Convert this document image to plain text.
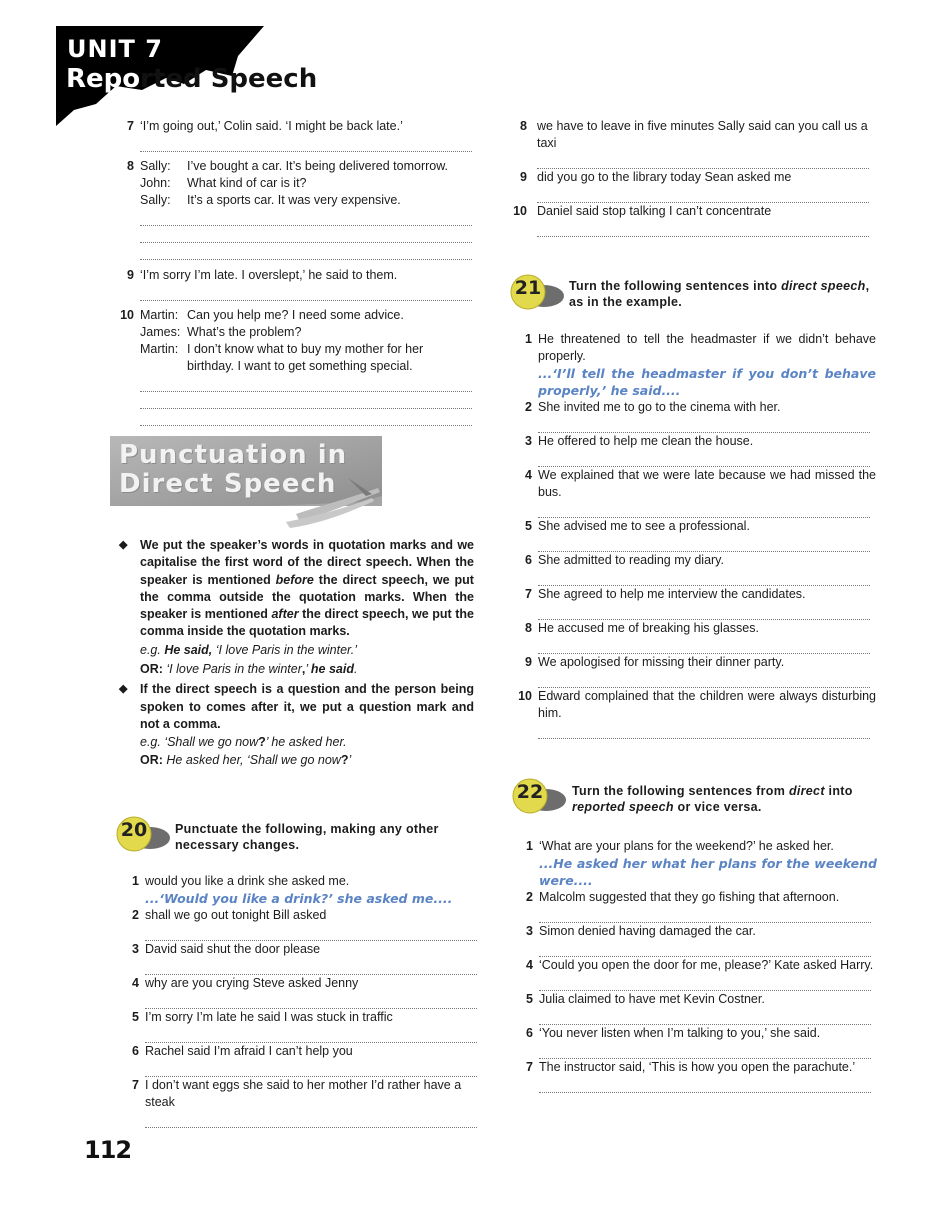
UNIT 7
Reported Speech
7 ‘I’m going out,’ Colin said. ‘I might be back late.’
8 Sally:	I’ve bought a car. It’s being delivered tomorrow.
John:	What kind of car is it?
Sally:	It’s a sports car. It was very expensive.
9 ‘I’m sorry I’m late. I overslept,’ he said to them.
10 Martin: Can you help me? I need some advice.
James: What’s the problem?
Martin: I don’t know what to buy my mother for her
birthday. I want to get something special.
Punctuation in
Direct Speech
◆ We put the speaker’s words in quotation marks and we capitalise the first word of the direct speech. When the speaker is mentioned before the direct speech, we put the comma outside the quotation marks. When the speaker is mentioned after the direct speech, we put the comma inside the quotation marks.
e.g. He said, ‘I love Paris in the winter.’
OR: ‘I love Paris in the winter,’ he said.
◆ If the direct speech is a question and the person being spoken to comes after it, we put a question mark and not a comma.
e.g. ‘Shall we go now?’ he asked her.
OR: He asked her, ‘Shall we go now?’
20	Punctuate the following, making any other necessary changes.
1 would you like a drink she asked me.
...‘Would you like a drink?’ she asked me....
2 shall we go out tonight Bill asked
3 David said shut the door please
4 why are you crying Steve asked Jenny
5 I’m sorry I’m late he said I was stuck in traffic
6 Rachel said I’m afraid I can’t help you
7 I don’t want eggs she said to her mother I’d rather have a steak
8 we have to leave in five minutes Sally said can you call us a taxi
9 did you go to the library today Sean asked me
10 Daniel said stop talking I can’t concentrate
21	Turn the following sentences into direct speech, as in the example.
1 He threatened to tell the headmaster if we didn’t behave properly.
...‘I’ll tell the headmaster if you don’t behave properly,’ he said....
2 She invited me to go to the cinema with her.
3 He offered to help me clean the house.
4 We explained that we were late because we had missed the bus.
5 She advised me to see a professional.
6 She admitted to reading my diary.
7 She agreed to help me interview the candidates.
8 He accused me of breaking his glasses.
9 We apologised for missing their dinner party.
10 Edward complained that the children were always disturbing him.
22	Turn the following sentences from direct into reported speech or vice versa.
1 ‘What are your plans for the weekend?’ he asked her.
...He asked her what her plans for the weekend were....
2 Malcolm suggested that they go fishing that afternoon.
3 Simon denied having damaged the car.
4 ‘Could you open the door for me, please?’ Kate asked Harry.
5 Julia claimed to have met Kevin Costner.
6 ‘You never listen when I’m talking to you,’ she said.
7 The instructor said, ‘This is how you open the parachute.’
112
